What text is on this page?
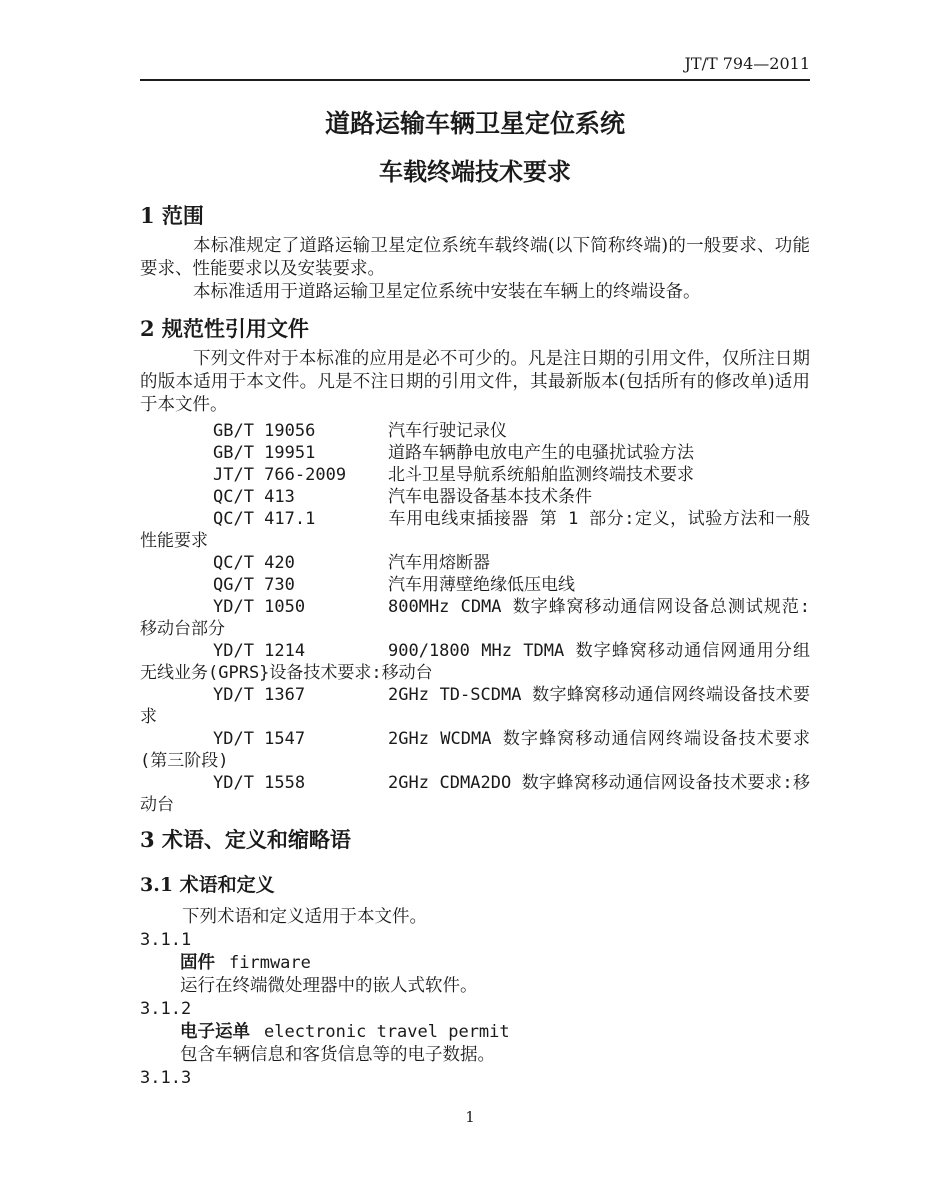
JT/T 794—2011
道路运输车辆卫星定位系统
车载终端技术要求
1 范围

本标准规定了道路运输卫星定位系统车载终端(以下简称终端)的一般要求、功能要求、性能要求以及安装要求。

本标准适用于道路运输卫星定位系统中安装在车辆上的终端设备。

2 规范性引用文件

下列文件对于本标准的应用是必不可少的。凡是注日期的引用文件，仅所注日期的版本适用于本文件。凡是不注日期的引用文件，其最新版本(包括所有的修改单)适用于本文件。

GB/T 19056	汽车行驶记录仪

GB/T 19951	道路车辆静电放电产生的电骚扰试验方法

JT/T 766-2009 北斗卫星导航系统船舶监测终端技术要求

QC/T 413	汽车电器设备基本技术条件

QC/T 417.1	车用电线束插接器 第 1 部分:定义，试验方法和一般性能要求

QC/T 420	汽车用熔断器

QG/T 730	汽车用薄壁绝缘低压电线

YD/T 1050	800MHz CDMA 数字蜂窝移动通信网设备总测试规范:移动台部分

YD/T 1214	900/1800 MHz TDMA 数字蜂窝移动通信网通用分组无线业务(GPRS}设备技术要求:移动台

YD/T 1367	2GHz TD-SCDMA 数字蜂窝移动通信网终端设备技术要求

YD/T 1547	2GHz WCDMA 数字蜂窝移动通信网终端设备技术要求(第三阶段)

YD/T 1558	2GHz CDMA2DO 数字蜂窝移动通信网设备技术要求:移动台

3 术语、定义和缩略语
3.1 术语和定义

下列术语和定义适用于本文件。

3.1.1
固件 firmware
运行在终端微处理器中的嵌人式软件。
3.1.2
电子运单 electronic travel permit
包含车辆信息和客货信息等的电子数据。
3.1.3
1
